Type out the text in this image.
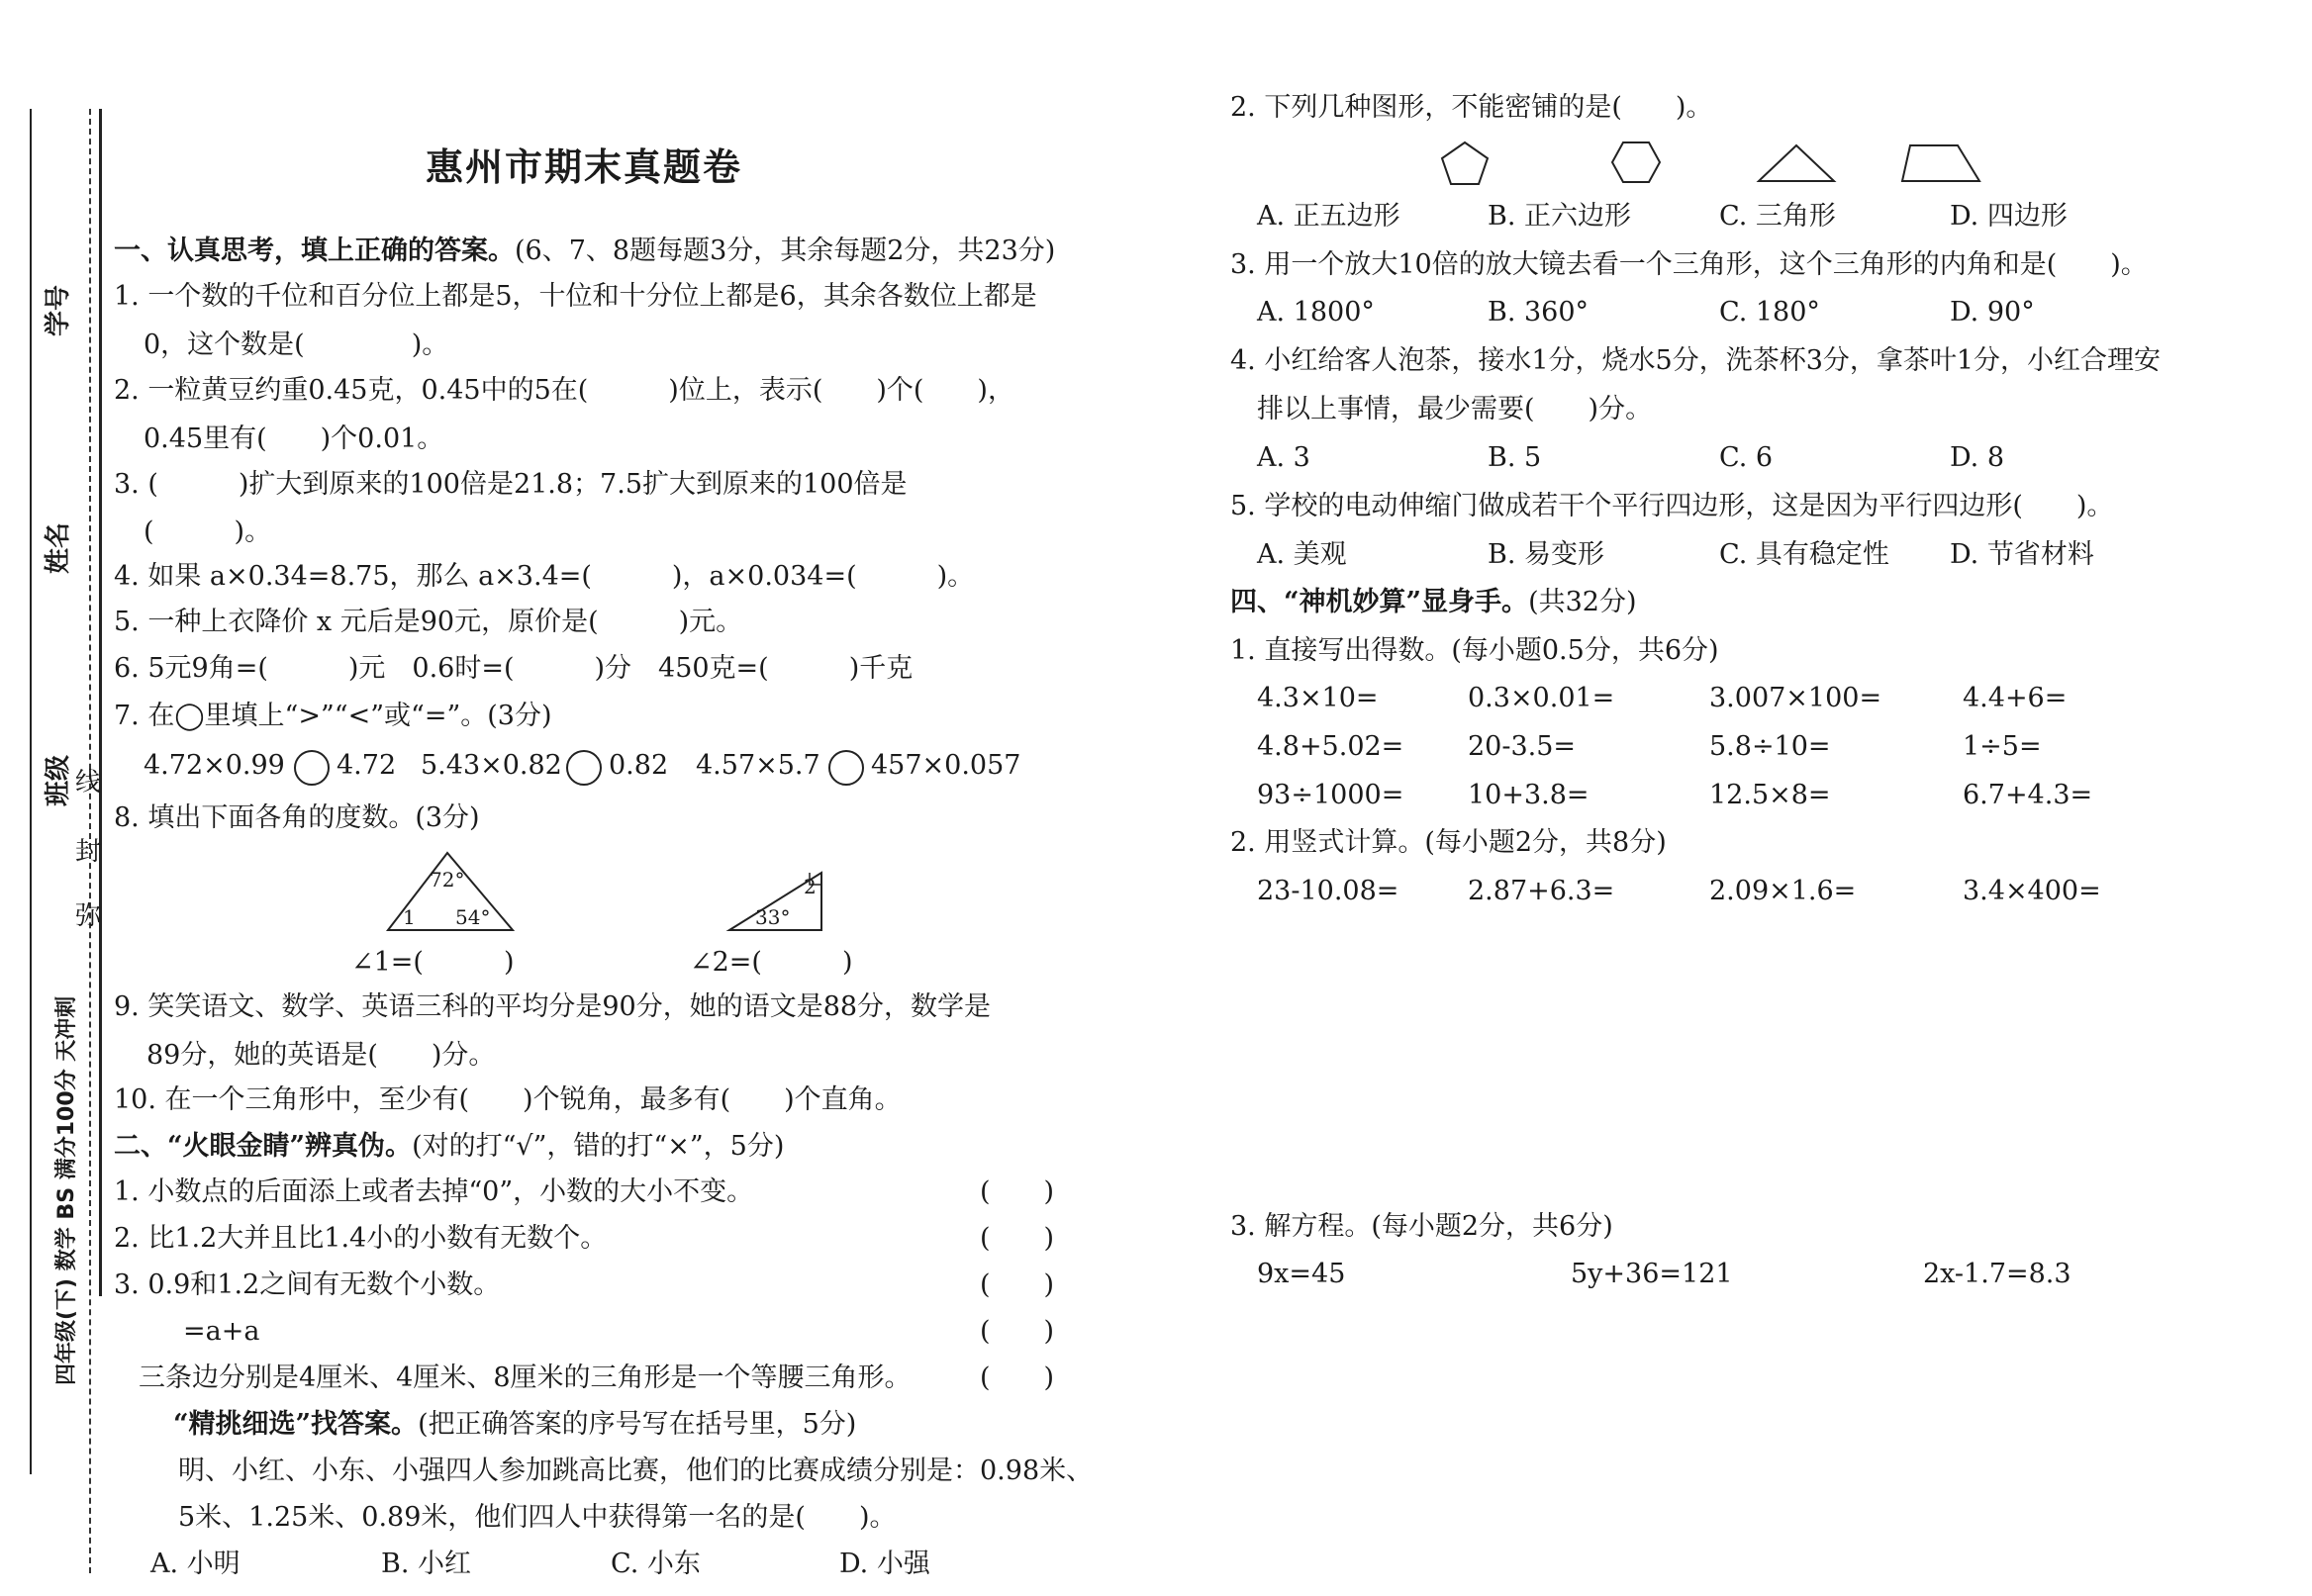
学号
姓名
班级 线
封
弥
四年级(下) 数学 BS 满分100分 天冲刺
惠州市期末真题卷
一、认真思考，填上正确的答案。(6、7、8题每题3分，其余每题2分，共23分)
1. 一个数的千位和百分位上都是5，十位和十分位上都是6，其余各数位上都是
0，这个数是(　　　　)。
2. 一粒黄豆约重0.45克，0.45中的5在(　　　)位上，表示(　　)个(　　)，
0.45里有(　　)个0.01。
3. (　　　)扩大到原来的100倍是21.8；7.5扩大到原来的100倍是
(　　　)。
4. 如果 a×0.34=8.75，那么 a×3.4=(　　　)，a×0.034=(　　　)。
5. 一种上衣降价 x 元后是90元，原价是(　　　)元。
6. 5元9角=(　　　)元　0.6时=(　　　)分　450克=(　　　)千克
7. 在◯里填上“>”“<”或“=”。(3分)
4.72×0.99 4.72 5.43×0.82 0.82 4.57×5.7 457×0.057
8. 填出下面各角的度数。(3分)
72°
1 54°
∠1=(　　　)
33°
2
∠2=(　　　)
9. 笑笑语文、数学、英语三科的平均分是90分，她的语文是88分，数学是
89分，她的英语是(　　)分。
10. 在一个三角形中，至少有(　　)个锐角，最多有(　　)个直角。
二、“火眼金睛”辨真伪。(对的打“√”，错的打“×”，5分)
1. 小数点的后面添上或者去掉“0”，小数的大小不变。	(　　)
2. 比1.2大并且比1.4小的小数有无数个。	(　　)
3. 0.9和1.2之间有无数个小数。	(　　)
=a+a	(　　)
三条边分别是4厘米、4厘米、8厘米的三角形是一个等腰三角形。	(　　)
“精挑细选”找答案。(把正确答案的序号写在括号里，5分)
明、小红、小东、小强四人参加跳高比赛，他们的比赛成绩分别是：0.98米、
5米、1.25米、0.89米，他们四人中获得第一名的是(　　)。
A. 小明	B. 小红	C. 小东	D. 小强
2. 下列几种图形，不能密铺的是(　　)。
A. 正五边形	B. 正六边形	C. 三角形	D. 四边形
3. 用一个放大10倍的放大镜去看一个三角形，这个三角形的内角和是(　　)。
A. 1800°	B. 360°	C. 180°	D. 90°
4. 小红给客人泡茶，接水1分，烧水5分，洗茶杯3分，拿茶叶1分，小红合理安
排以上事情，最少需要(　　)分。
A. 3	B. 5	C. 6	D. 8
5. 学校的电动伸缩门做成若干个平行四边形，这是因为平行四边形(　　)。
A. 美观	B. 易变形	C. 具有稳定性 D. 节省材料
四、“神机妙算”显身手。(共32分)
1. 直接写出得数。(每小题0.5分，共6分)
4.3×10=	0.3×0.01=	3.007×100=	4.4+6=
4.8+5.02= 20-3.5=	5.8÷10=	1÷5=
93÷1000= 10+3.8=	12.5×8=	6.7+4.3=
2. 用竖式计算。(每小题2分，共8分)
23-10.08=	2.87+6.3=	2.09×1.6=	3.4×400=
3. 解方程。(每小题2分，共6分)
9x=45	5y+36=121	2x-1.7=8.3
